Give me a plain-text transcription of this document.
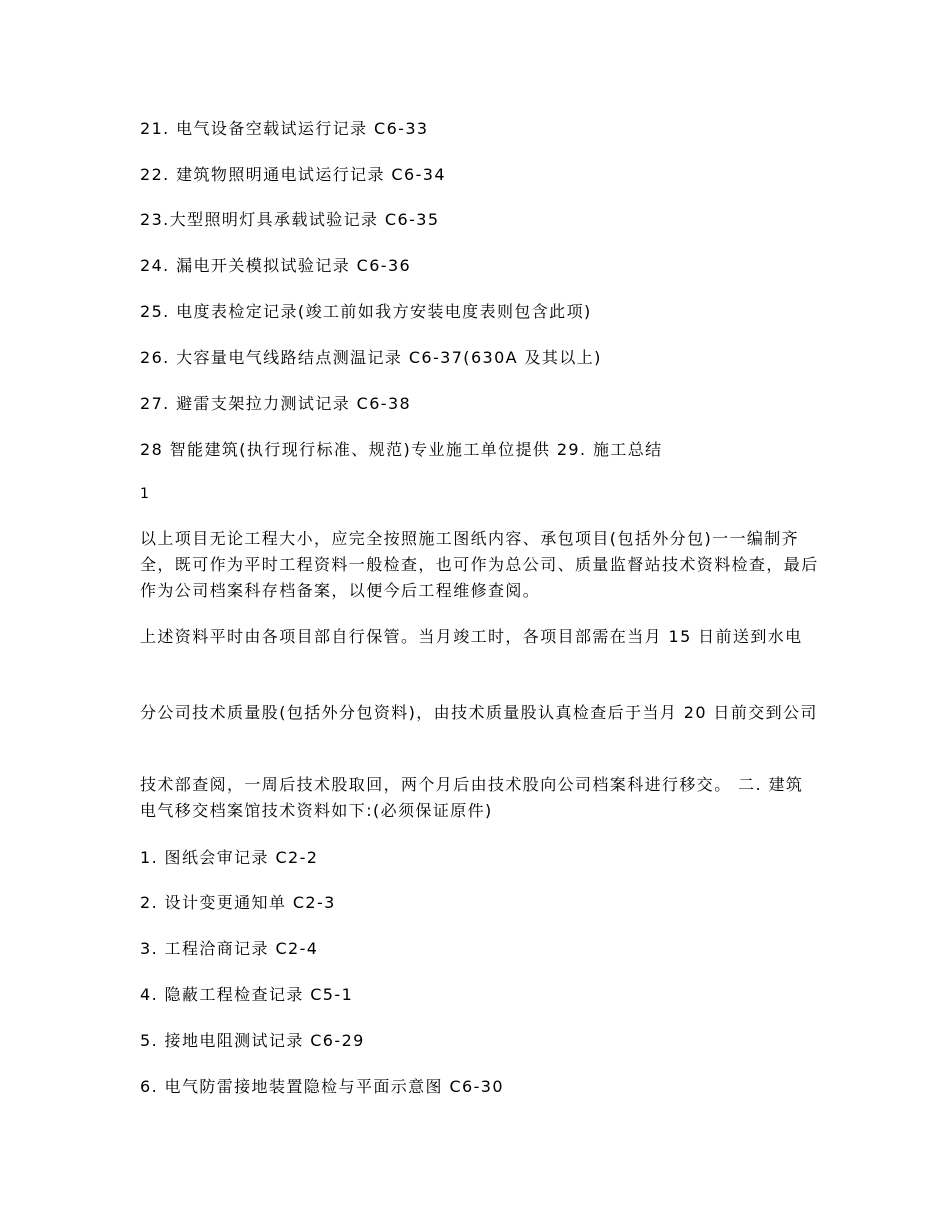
21. 电气设备空载试运行记录 C6-33
22. 建筑物照明通电试运行记录 C6-34
23.大型照明灯具承载试验记录 C6-35
24. 漏电开关模拟试验记录 C6-36
25. 电度表检定记录(竣工前如我方安装电度表则包含此项)
26. 大容量电气线路结点测温记录 C6-37(630A 及其以上)
27. 避雷支架拉力测试记录 C6-38
28 智能建筑(执行现行标准、规范)专业施工单位提供 29. 施工总结
1
以上项目无论工程大小，应完全按照施工图纸内容、承包项目(包括外分包)一一编制齐全，既可作为平时工程资料一般检查，也可作为总公司、质量监督站技术资料检查，最后作为公司档案科存档备案，以便今后工程维修查阅。
上述资料平时由各项目部自行保管。当月竣工时，各项目部需在当月 15 日前送到水电
分公司技术质量股(包括外分包资料)，由技术质量股认真检查后于当月 20 日前交到公司
技术部查阅，一周后技术股取回，两个月后由技术股向公司档案科进行移交。 二. 建筑电气移交档案馆技术资料如下:(必须保证原件)
1. 图纸会审记录 C2-2
2. 设计变更通知单 C2-3
3. 工程洽商记录 C2-4
4. 隐蔽工程检查记录 C5-1
5. 接地电阻测试记录 C6-29
6. 电气防雷接地装置隐检与平面示意图 C6-30
